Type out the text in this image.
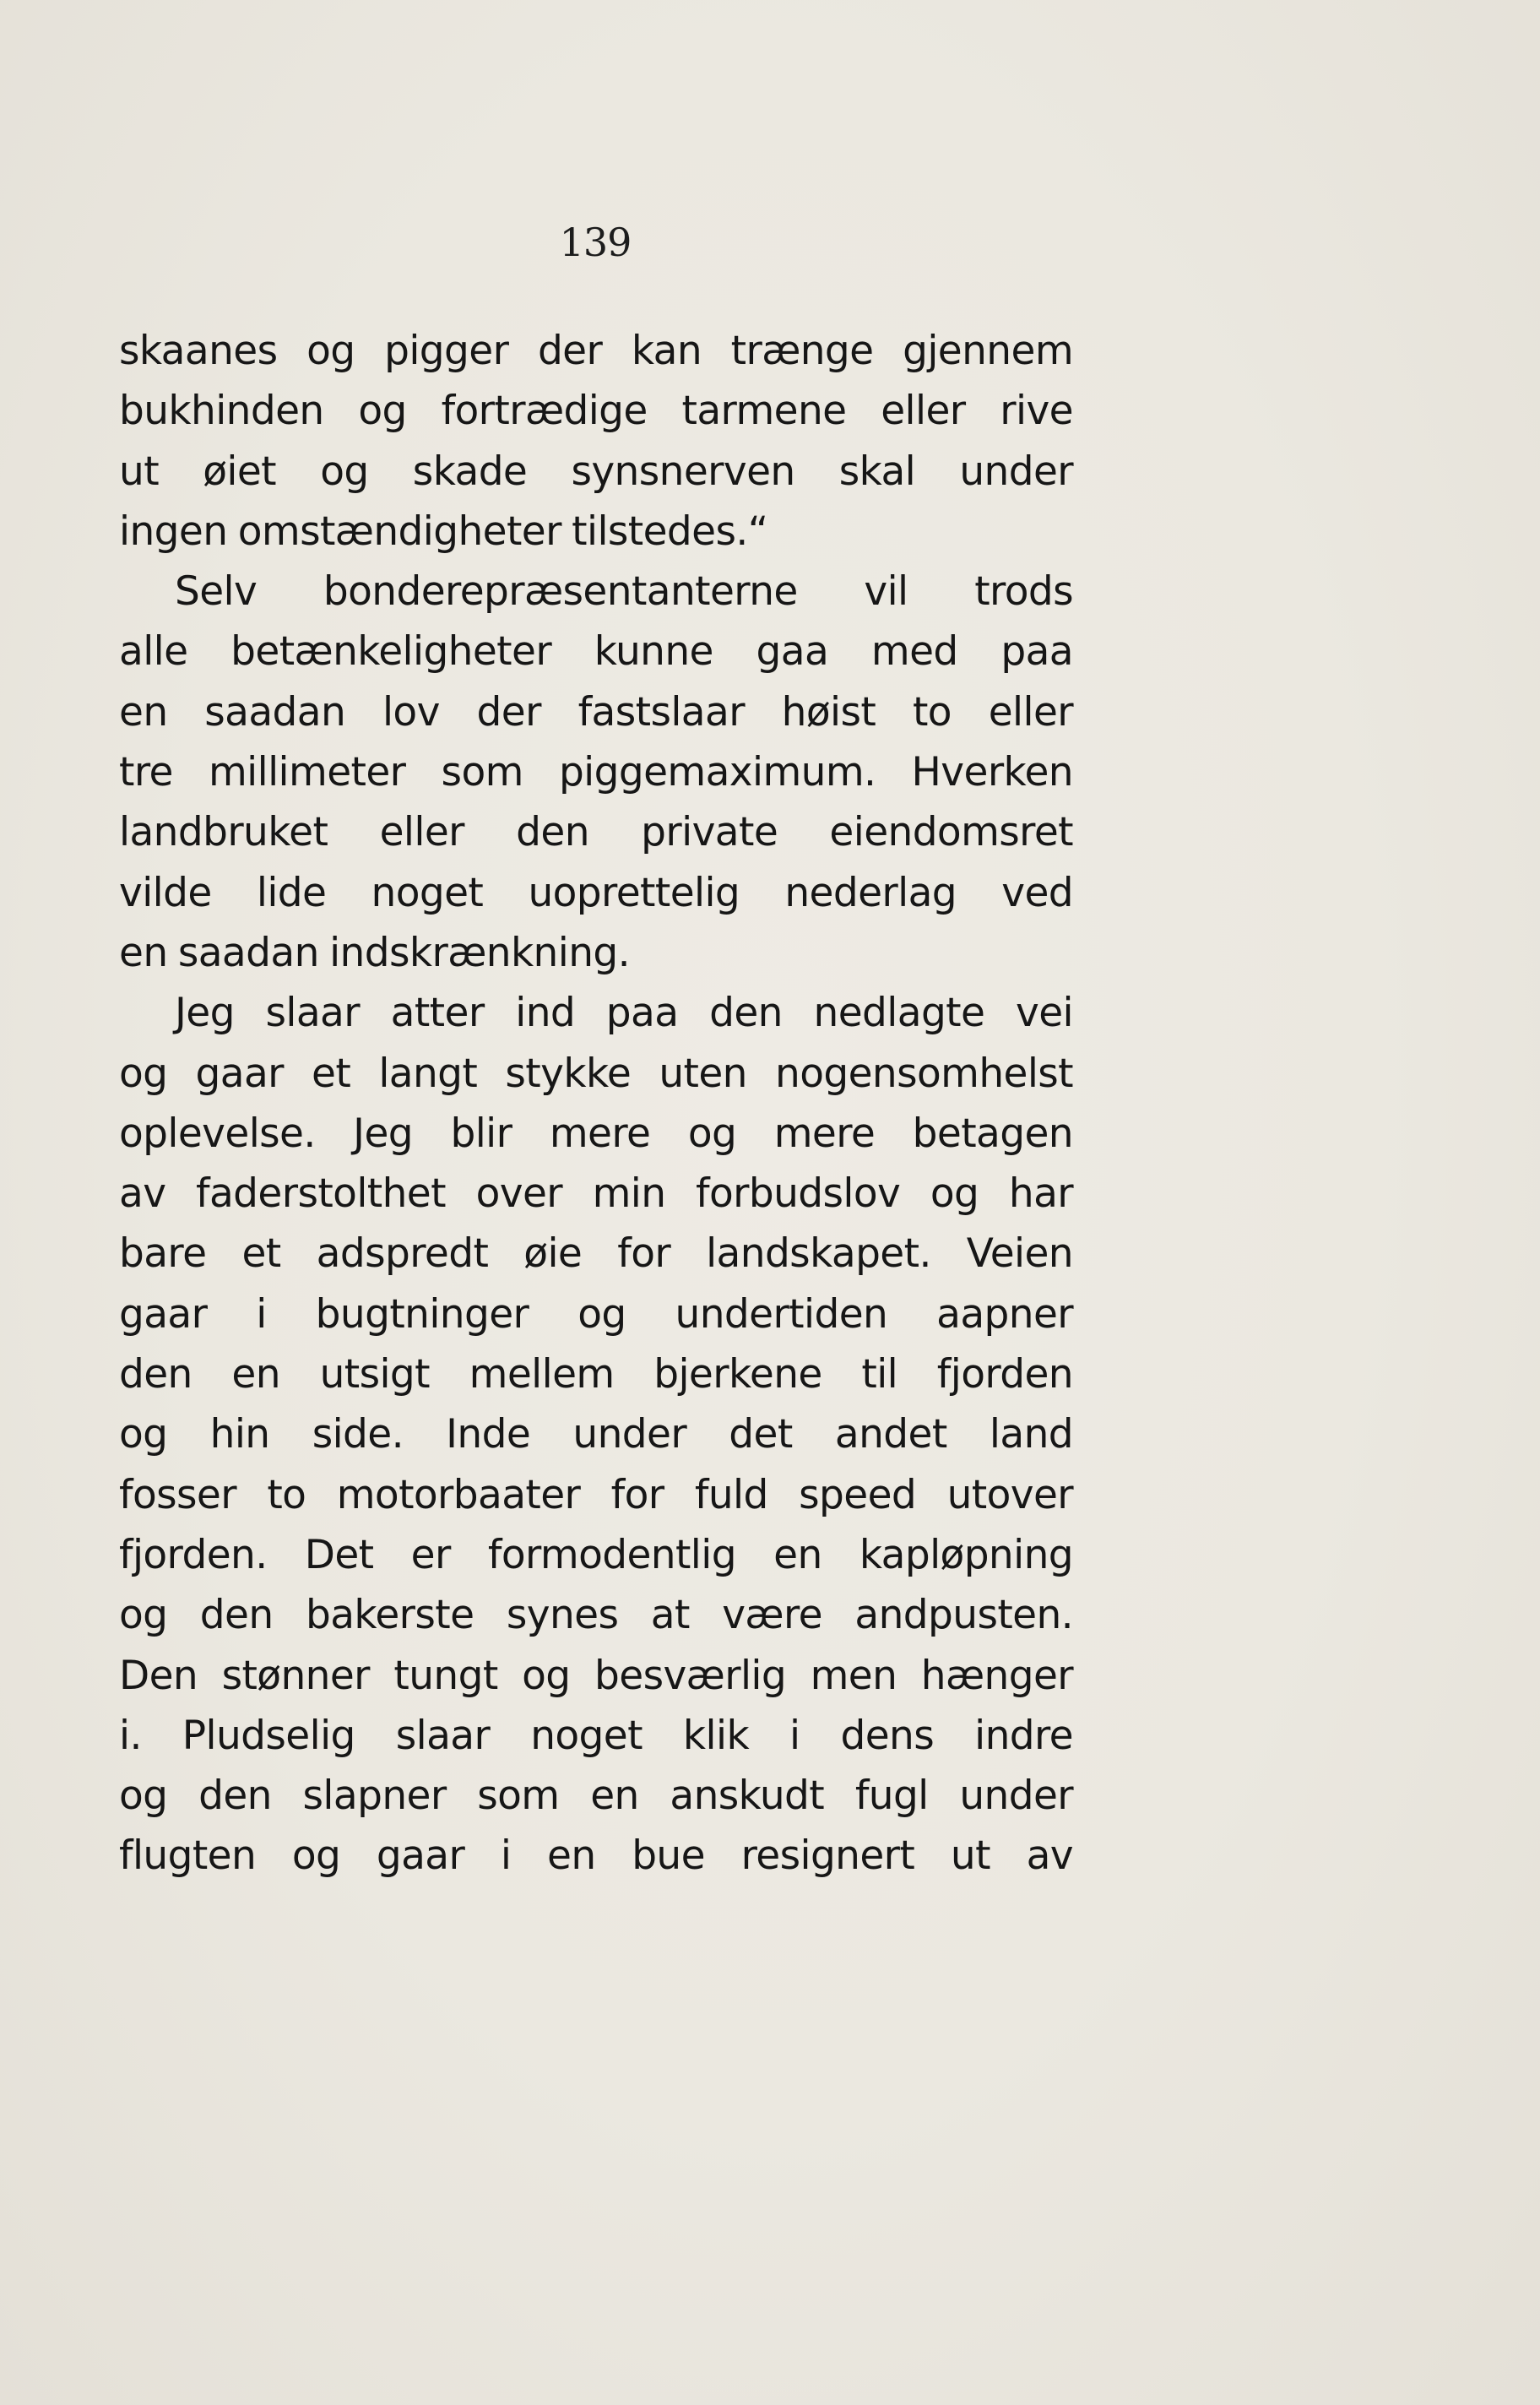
139
skaanes og pigger der kan trænge gjennem
bukhinden og fortrædige tarmene eller rive
ut øiet og skade synsnerven skal under
ingen omstændigheter tilstedes.“
Selv bonderepræsentanterne vil trods
alle betænkeligheter kunne gaa med paa
en saadan lov der fastslaar høist to eller
tre millimeter som piggemaximum. Hverken
landbruket eller den private eiendomsret
vilde lide noget uoprettelig nederlag ved
en saadan indskrænkning.
Jeg slaar atter ind paa den nedlagte vei
og gaar et langt stykke uten nogensomhelst
oplevelse. Jeg blir mere og mere betagen
av faderstolthet over min forbudslov og har
bare et adspredt øie for landskapet. Veien
gaar i bugtninger og undertiden aapner
den en utsigt mellem bjerkene til fjorden
og hin side. Inde under det andet land
fosser to motorbaater for fuld speed utover
fjorden. Det er formodentlig en kapløpning
og den bakerste synes at være andpusten.
Den stønner tungt og besværlig men hænger
i. Pludselig slaar noget klik i dens indre
og den slapner som en anskudt fugl under
flugten og gaar i en bue resignert ut av
